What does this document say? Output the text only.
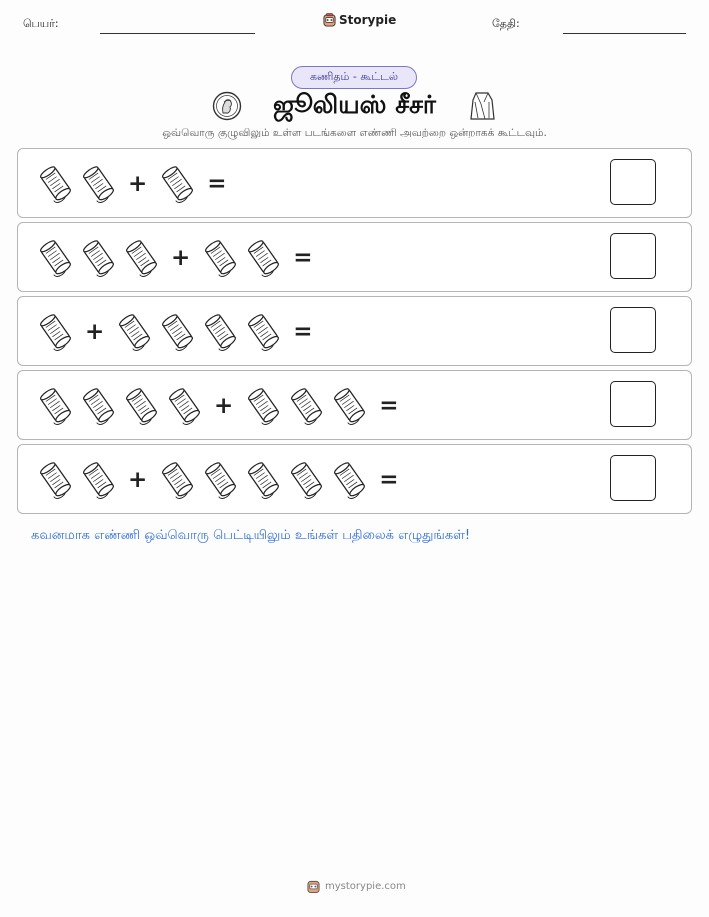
பெயர்:	Storypie	தேதி:
கணிதம் - கூட்டல்
ஜூலியஸ் சீசர்
ஒவ்வொரு குழுவிலும் உள்ள படங்களை எண்ணி அவற்றை ஒன்றாகக் கூட்டவும்.
+	=
+	=
+	=
+	=
+	=
கவனமாக எண்ணி ஒவ்வொரு பெட்டியிலும் உங்கள் பதிலைக் எழுதுங்கள்!
mystorypie.com
